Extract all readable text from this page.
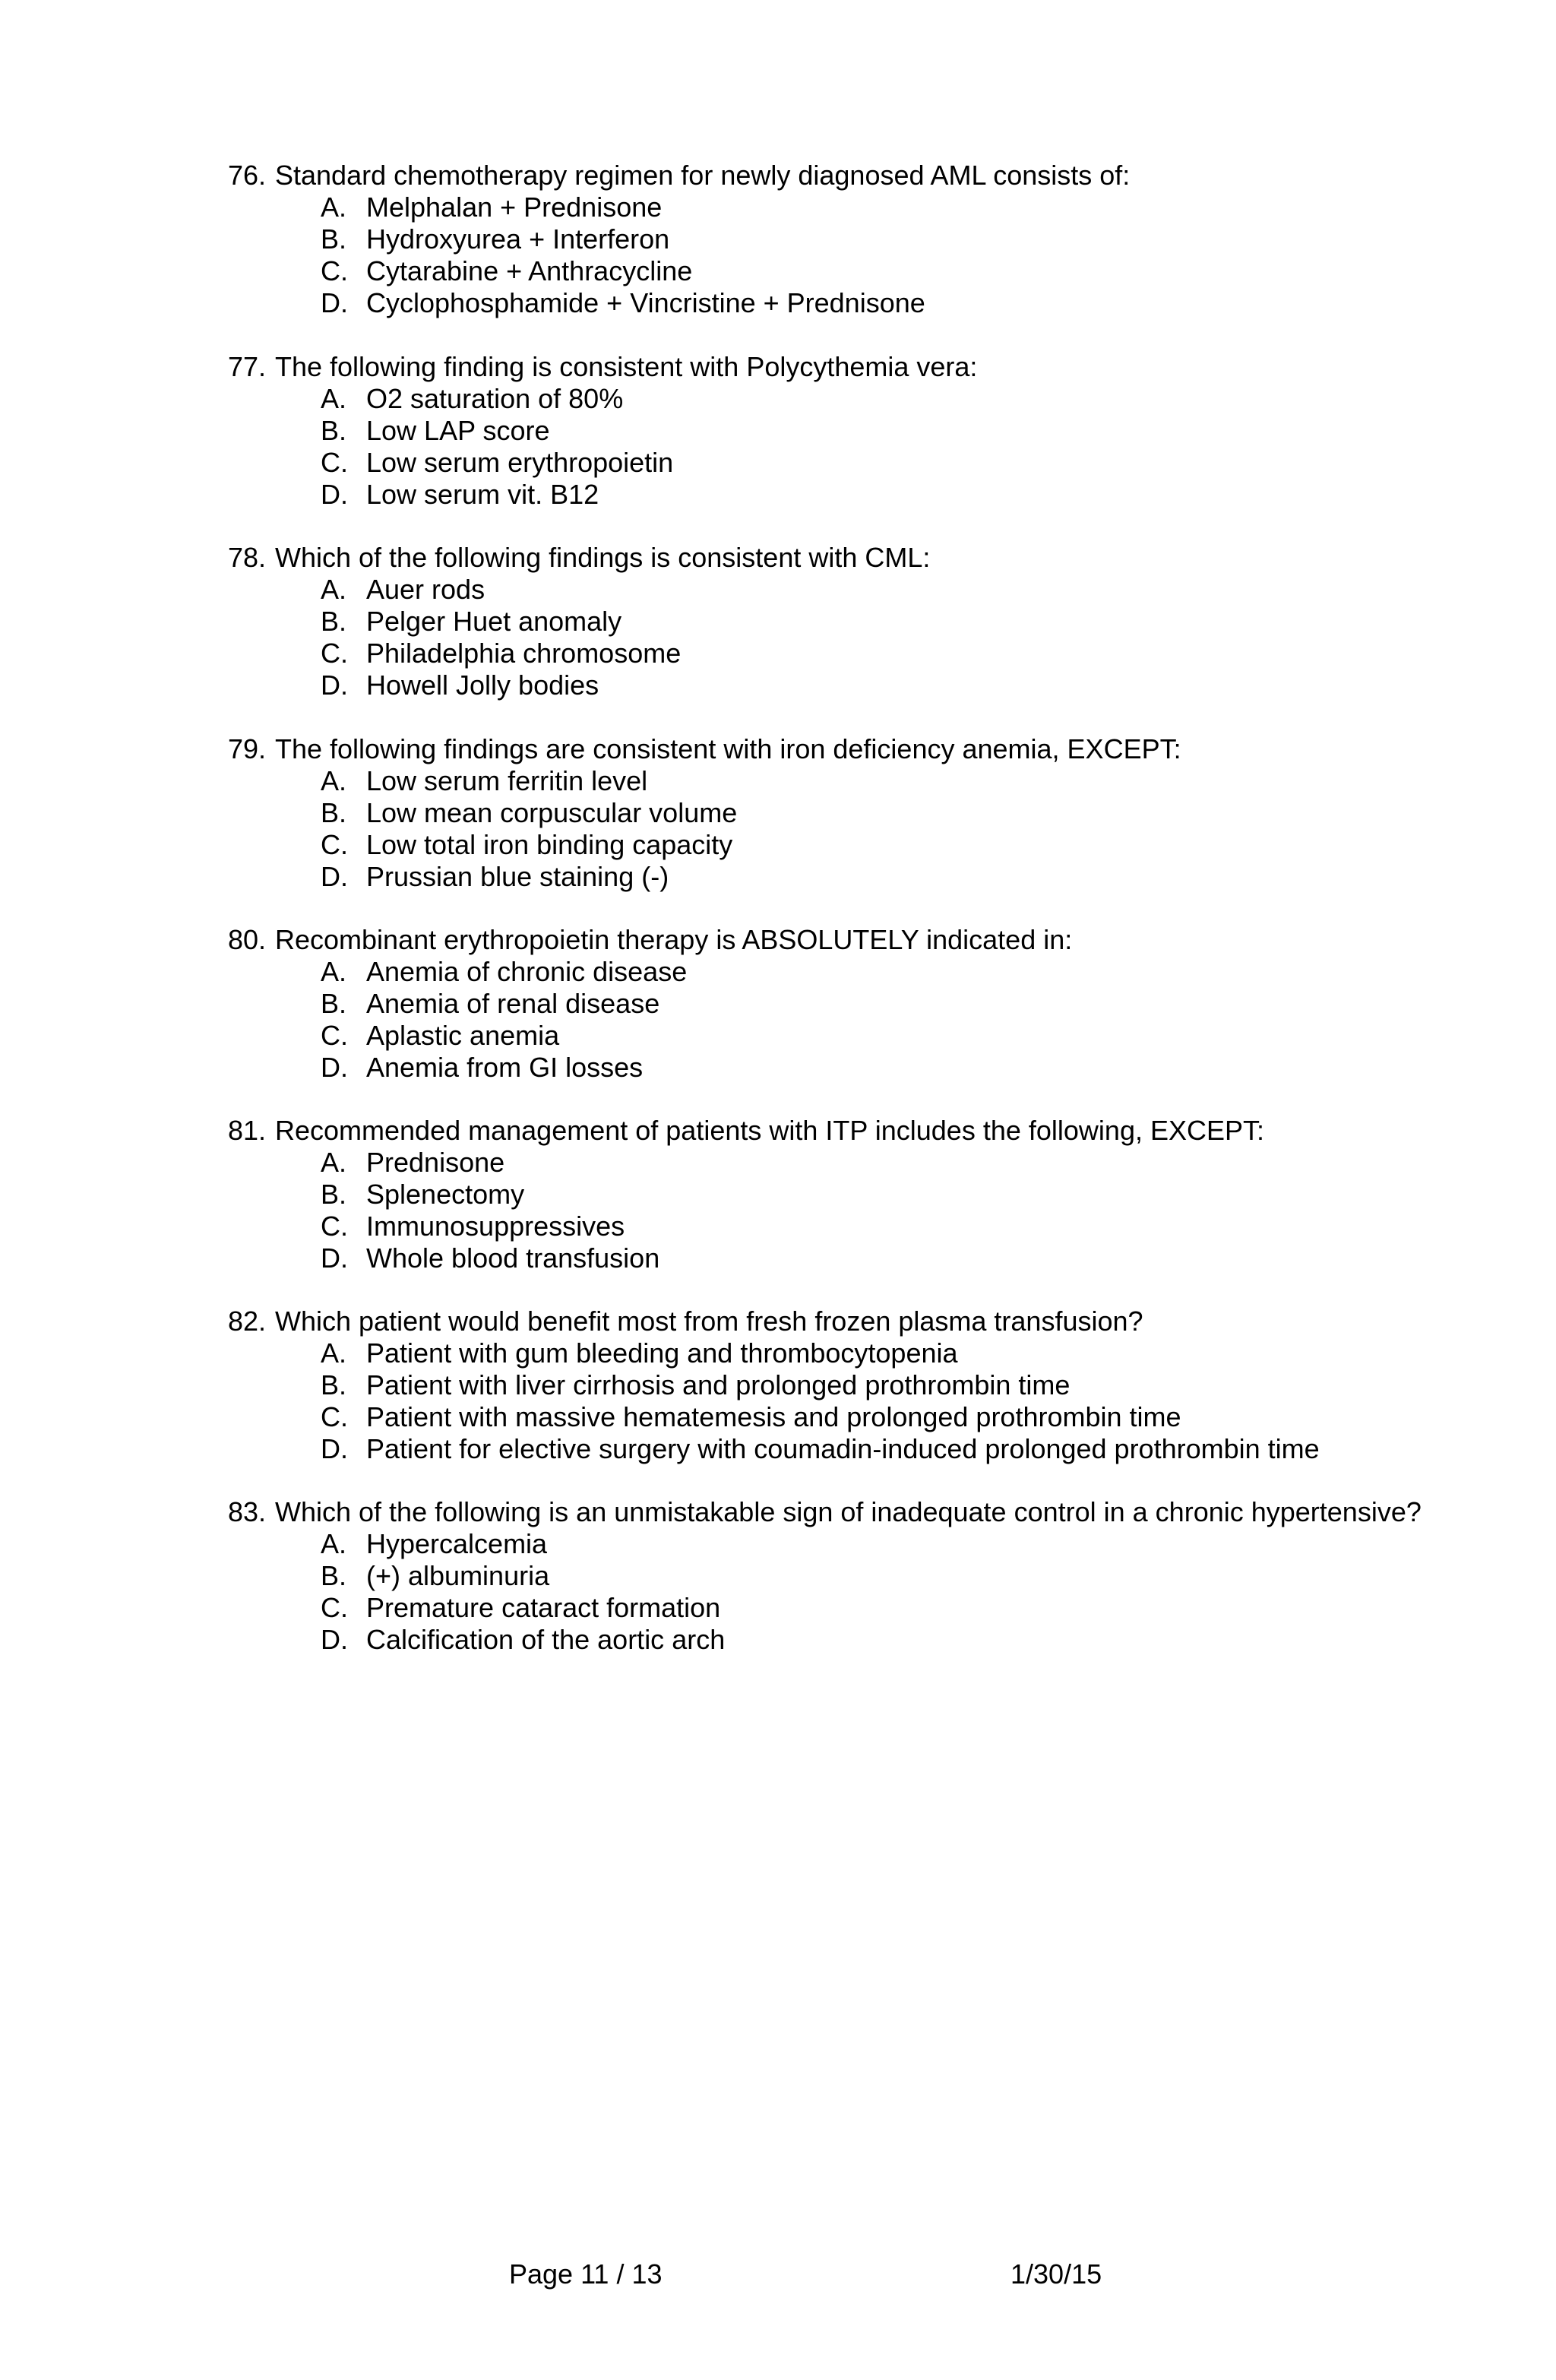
76. Standard chemotherapy regimen for newly diagnosed AML consists of:
A. Melphalan + Prednisone
B. Hydroxyurea + Interferon
C. Cytarabine + Anthracycline
D. Cyclophosphamide + Vincristine + Prednisone
77. The following finding is consistent with Polycythemia vera:
A. O2 saturation of 80%
B. Low LAP score
C. Low serum erythropoietin
D. Low serum vit. B12
78. Which of the following findings is consistent with CML:
A. Auer rods
B. Pelger Huet anomaly
C. Philadelphia chromosome
D. Howell Jolly bodies
79. The following findings are consistent with iron deficiency anemia, EXCEPT:
A. Low serum ferritin level
B. Low mean corpuscular volume
C. Low total iron binding capacity
D. Prussian blue staining (-)
80. Recombinant erythropoietin therapy is ABSOLUTELY indicated in:
A. Anemia of chronic disease
B. Anemia of renal disease
C. Aplastic anemia
D. Anemia from GI losses
81. Recommended management of patients with ITP includes the following, EXCEPT:
A. Prednisone
B. Splenectomy
C. Immunosuppressives
D. Whole blood transfusion
82. Which patient would benefit most from fresh frozen plasma transfusion?
A. Patient with gum bleeding and thrombocytopenia
B. Patient with liver cirrhosis and prolonged prothrombin time
C. Patient with massive hematemesis and prolonged prothrombin time
D. Patient for elective surgery with coumadin-induced prolonged prothrombin time
83. Which of the following is an unmistakable sign of inadequate control in a chronic hypertensive?
A. Hypercalcemia
B. (+) albuminuria
C. Premature cataract formation
D. Calcification of the aortic arch
Page 11 / 13	1/30/15
